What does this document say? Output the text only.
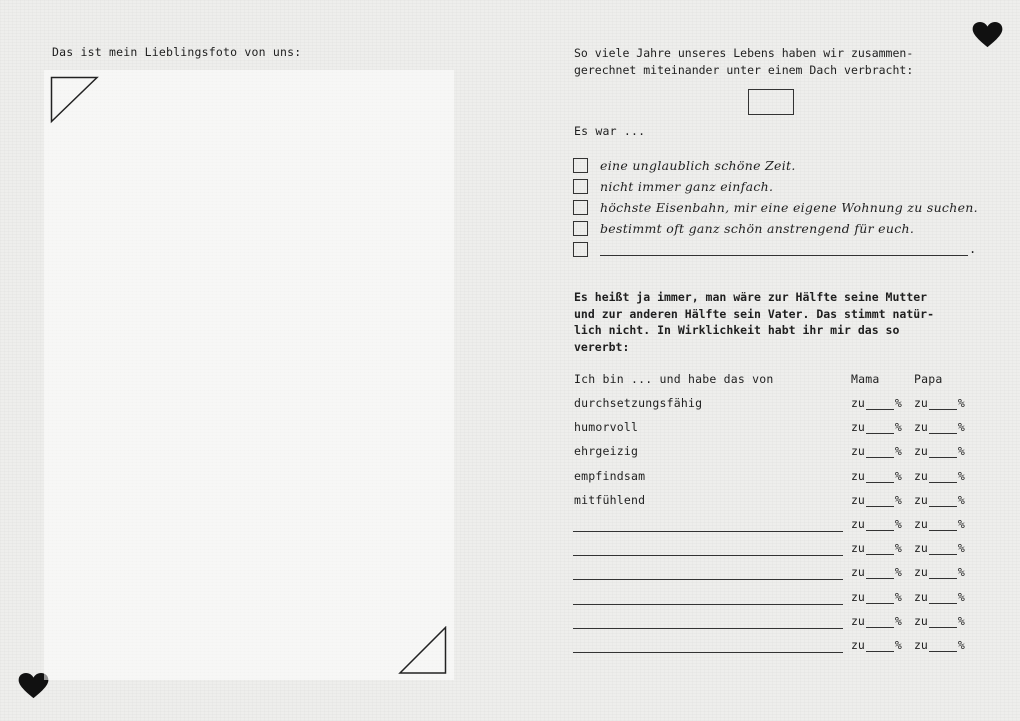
Das ist mein Lieblingsfoto von uns:	So viele Jahre unseres Lebens haben wir zusammen-
gerechnet miteinander unter einem Dach verbracht:
Es war ...
eine unglaublich schöne Zeit.
nicht immer ganz einfach.
höchste Eisenbahn, mir eine eigene Wohnung zu suchen.
bestimmt oft ganz schön anstrengend für euch.
.
Es heißt ja immer, man wäre zur Hälfte seine Mutter
und zur anderen Hälfte sein Vater. Das stimmt natür-
lich nicht. In Wirklichkeit habt ihr mir das so
vererbt:
Ich bin ... und habe das von	Mama	Papa
durchsetzungsfähig	zu	% zu	%
humorvoll	zu	% zu	%
ehrgeizig	zu	% zu	%
empfindsam	zu	% zu	%
mitfühlend	zu	% zu	%
zu	% zu	%
zu	% zu	%
zu	% zu	%
zu	% zu	%
zu	% zu	%
zu	% zu	%
